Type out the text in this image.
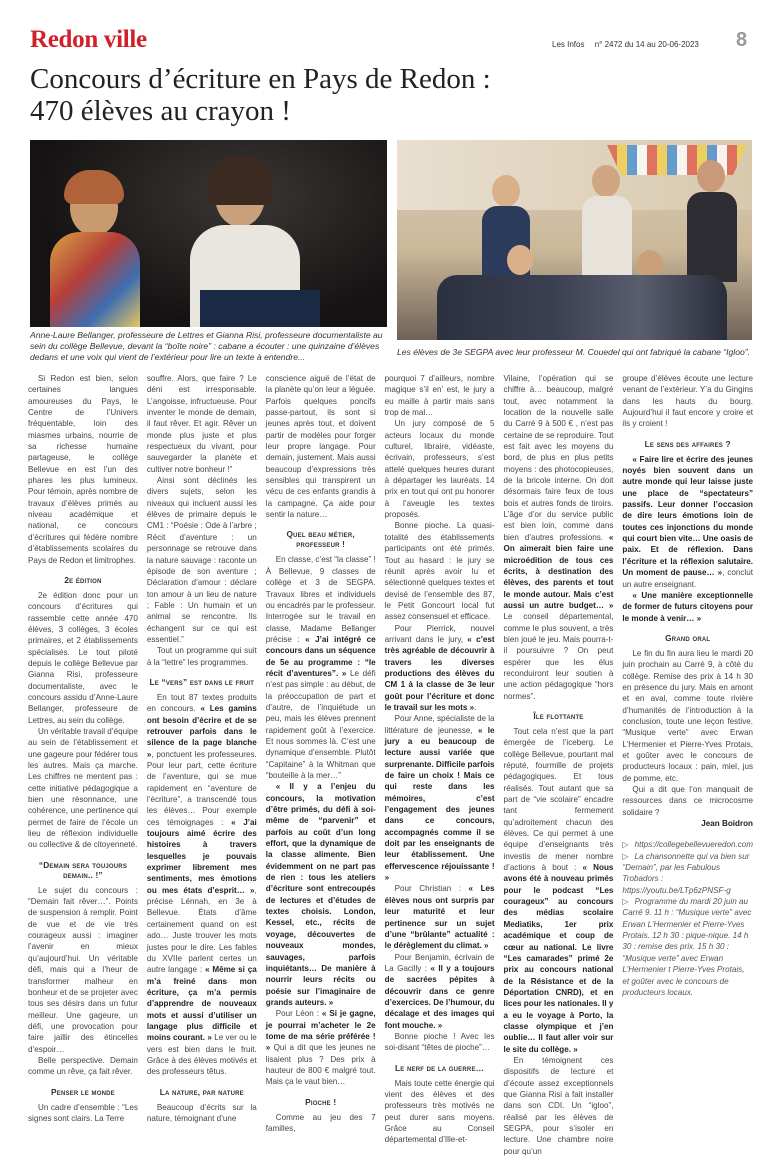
Redon ville	Les Infos n° 2472 du 14 au 20-06-2023	8
Concours d’écriture en Pays de Redon :
470 élèves au crayon !
Anne-Laure Bellanger, professeure de Lettres et Gianna Risi, professeure documentaliste au sein du collège Bellevue, devant la “boîte noire” : cabane a écouter : une quinzaine d’élèves dedans et une voix qui vient de l’extérieur pour lire un texte à entendre...	Les élèves de 3e SEGPA avec leur professeur M. Couedel qui ont fabriqué la cabane “Igloo”.

Si Redon est bien, selon certaines langues amoureuses du Pays, le Centre de l’Univers fréquentable, loin des miasmes urbains, nourrie de sa richesse humaine partageuse, le collège Bellevue en est l’un des phares les plus lumineux. Pour témoin, après nombre de travaux d’élèves primés au niveau académique et national, ce concours d’écritures qui fédère nombre d’établissements scolaires du Pays de Redon et limitrophes.

2e édition

2e édition donc pour un concours d’écritures qui rassemble cette année 470 élèves, 3 collèges, 3 écoles primaires, et 2 établissements spécialisés. Le tout piloté depuis le collège Bellevue par Gianna Risi, professeure documentaliste, avec le concours assidu d’Anne-Laure Bellanger, professeure de Lettres, au sein du collège.

Un véritable travail d’équipe au sein de l’établissement et une gageure pour fédérer tous les autres. Mais ça marche. Les chiffres ne mentent pas : cette initiative pédagogique a bien une résonnance, une cohérence, une pertinence qui permet de faire de l’école un lieu de réflexion individuelle ou collective & de citoyenneté.

“Demain sera toujours demain.. !”

Le sujet du concours : “Demain fait rêver…”. Points de suspension à remplir. Point de vue et de vie très courageux aussi : imaginer l’avenir en mieux qu’aujourd’hui. Un véritable défi, mais qui a l’heur de transformer malheur en bonheur et de se projeter avec tous ses désirs dans un futur meilleur. Une gageure, un défi, une provocation pour faire jaillir des étincelles d’espoir…

Belle perspective. Demain comme un rêve, ça fait rêver.

Penser le monde

Un cadre d’ensemble : “Les signes sont clairs. La Terre

souffre. Alors, que faire ? Le déni est irresponsable. L’angoisse, infructueuse. Pour inventer le monde de demain, il faut rêver. Et agir. Rêver un monde plus juste et plus respectueux du vivant, pour sauvegarder la planète et cultiver notre bonheur !”

Ainsi sont déclinés les divers sujets, selon les niveaux qui incluent aussi les élèves de primaire depuis le CM1 : “Poésie : Ode à l’arbre ; Récit d’aventure : un personnage se retrouve dans la nature sauvage : raconte un épisode de son aventure ; Déclaration d’amour : déclare ton amour à un lieu de nature ; Fable : Un humain et un animal se rencontre. Ils échangent sur ce qui est essentiel.”

Tout un programme qui suit à la “lettre” les programmes.

Le “vers” est dans le fruit

En tout 87 textes produits en concours. « Les gamins ont besoin d’écrire et de se retrouver parfois dans le silence de la page blanche », ponctuent les professeures. Pour leur part, cette écriture de l’aventure, qui se mue rapidement en “aventure de l’écriture”, a transcendé tous les élèves… Pour exemple ces témoignages : « J’ai toujours aimé écrire des histoires à travers lesquelles je pouvais exprimer librement mes sentiments, mes émotions ou mes états d’esprit… », précise Lénnah, en 3e à Bellevue. États d’âme certainement quand on est ado… Juste trouver les mots justes pour le dire. Les fables du XVIIe parlent certes un autre langage : « Même si ça m’a freiné dans mon écriture, ça m’a permis d’apprendre de nouveaux mots et aussi d’utiliser un langage plus difficile et moins courant. » Le ver ou le vers est bien dans le fruit. Grâce à des élèves motivés et des professeurs têtus.

La nature, par nature

Beaucoup d’écrits sur la nature, témoignant d’une

conscience aiguë de l’état de la planète qu’on leur a léguée. Parfois quelques poncifs passe-partout, ils sont si jeunes après tout, et doivent partir de modèles pour forger leur propre langage. Pour demain, justement. Mais aussi beaucoup d’expressions très sensibles qui transpirent un vécu de ces enfants grandis à la campagne. Ça aide pour sentir la nature…

Quel beau métier, professeur !

En classe, c’est “la classe” ! À Bellevue, 9 classes de collège et 3 de SEGPA. Travaux libres et individuels ou encadrés par le professeur. Interrogée sur le travail en classe, Madame Bellanger précise : « J’ai intégré ce concours dans un séquence de 5e au programme : “le récit d’aventures”. » Le défi n’est pas simple : au début, de la préoccupation de part et d’autre, de l’inquiétude un peu, mais les élèves prennent rapidement goût à l’exercice. Et nous sommes là. C’est une dynamique d’ensemble. Plutôt “Capitaine” à la Whitman que “bouteille à la mer…”

« Il y a l’enjeu du concours, la motivation d’être primés, du défi à soi-même de “parvenir” et parfois au coût d’un long effort, que la dynamique de la classe alimente. Bien évidemment on ne part pas de rien : tous les ateliers d’écriture sont entrecoupés de lectures et d’études de textes choisis. London, Kessel, etc., récits de voyage, découvertes de nouveaux mondes, sauvages, parfois inquiétants… De manière à nourrir leurs récits ou poésie sur l’imaginaire de grands auteurs. »

Pour Léon : « Si je gagne, je pourrai m’acheter le 2e tome de ma série préférée ! » Qui a dit que les jeunes ne lisaient plus ? Des prix à hauteur de 800 € malgré tout. Mais ça le vaut bien…

Pioche !

Comme au jeu des 7 familles,

pourquoi 7 d’ailleurs, nombre magique s’il en’ est, le jury a eu maille à partir mais sans trop de mal…

Un jury composé de 5 acteurs locaux du monde culturel, libraire, vidéaste, écrivain, professeurs, s’est attelé quelques heures durant à départager les lauréats. 14 prix en tout qui ont pu honorer à l’aveugle les textes proposés.

Bonne pioche. La quasi-totalité des établissements participants ont été primés. Tout au hasard : le jury se réunit après avoir lu et sélectionné quelques textes et devisé de l’ensemble des 87, le Petit Goncourt local fut assez consensuel et efficace.

Pour Pierrick, nouvel arrivant dans le jury, « c’est très agréable de découvrir à travers les diverses productions des élèves du CM 1 à la classe de 3e leur goût pour l’écriture et donc le travail sur les mots ».

Pour Anne, spécialiste de la littérature de jeunesse, « le jury a eu beaucoup de lecture aussi variée que surprenante. Difficile parfois de faire un choix ! Mais ce qui reste dans les mémoires, c’est l’engagement des jeunes dans ce concours, accompagnés comme il se doit par les enseignants de leur établissement. Une effervescence réjouissante ! »

Pour Christian : « Les élèves nous ont surpris par leur maturité et leur pertinence sur un sujet d’une “brûlante” actualité : le dérèglement du climat. »

Pour Benjamin, écrivain de La Gacilly : « Il y a toujours de sacrées pépites à découvrir dans ce genre d’exercices. De l’humour, du décalage et des images qui font mouche. »

Bonne pioche ! Avec les soi-disant “têtes de pioche”…

Le nerf de la guerre…

Mais toute cette énergie qui vient des élèves et des professeurs très motivés ne peut durer sans moyens. Grâce au Conseil départemental d’Ille-et-

Vilaine, l’opération qui se chiffre à… beaucoup, malgré tout, avec notamment la location de la nouvelle salle du Carré 9 à 500 € , n’est pas certaine de se reproduire. Tout est fait avec les moyens du bord, de plus en plus petits moyens : des photocopieuses, de la bricole interne. On doit désormais faire feux de tous bois et autres fonds de tiroirs. L’âge d’or du service public est bien loin, comme dans bien d’autres professions. « On aimerait bien faire une microédition de tous ces écrits, à destination des élèves, des parents et tout le monde autour. Mais c’est aussi un autre budget… » Le conseil départemental, comme le plus souvent, a très bien joué le jeu. Mais pourra-t-il poursuivre ? On peut espérer que les élus reconduiront leur soutien à une action pédagogique “hors normes”.

Île flottante

Tout cela n’est que la part émergée de l’iceberg. Le collège Bellevue, pourtant mal réputé, fourmille de projets pédagogiques. Et tous réalisés. Tout autant que sa part de “vie scolaire” encadre tant fermement qu’adroitement chacun des élèves. Ce qui permet à une équipe d’enseignants très investis de mener nombre d’actions à bout : « Nous avons été à nouveau primés pour le podcast “Les courageux” au concours des médias scolaire Mediatiks, 1er prix académique et coup de cœur au national. Le livre “Les camarades” primé 2e prix au concours national de la Résistance et de la Déportation CNRD), et en lices pour les nationales. Il y a eu le voyage à Porto, la classe olympique et j’en oublie… Il faut aller voir sur le site du collège. »

En témoignent ces dispositifs de lecture et d’écoute assez exceptionnels que Gianna Risi a fait installer dans son CDI. Un “igloo”, réalisé par les élèves de SEGPA, pour s’isoler en lecture. Une chambre noire pour qu’un

groupe d’élèves écoute une lecture venant de l’extérieur. Y’a du Gingins dans les hauts du bourg. Aujourd’hui il faut encore y croire et ils y croient !

Le sens des affaires ?

« Faire lire et écrire des jeunes noyés bien souvent dans un autre monde qui leur laisse juste une place de “spectateurs” passifs. Leur donner l’occasion de dire leurs émotions loin de toutes ces injonctions du monde qui court bien vite… Une oasis de paix. Et de réflexion. Dans l’écriture et la réflexion salutaire. Un moment de pause… », conclut un autre enseignant.

« Une manière exceptionnelle de former de futurs citoyens pour le monde à venir… »

Grand oral

Le fin du fin aura lieu le mardi 20 juin prochain au Carré 9, à côté du collège. Remise des prix à 14 h 30 en présence du jury. Mais en amont et en aval, comme toute rivière d’humanités de l’introduction à la conclusion, toute une leçon festive. “Musique verte” avec Erwan L’Hermenier et Pierre-Yves Protais, et goûter avec le concours de producteurs locaux : pain, miel, jus de pomme, etc.

Qui a dit que l’on manquait de ressources dans ce microcosme solidaire ?

Jean Boidron

▷ https://collegebellevueredon.com

▷ La chansonnette qui va bien sur “Demain”, par les Fabulous Trobadors : https://youtu.be/LTp6zPNSF-g

▷ Programme du mardi 20 juin au Carré 9. 11 h : “Musique verte” avec Erwan L’Hermenier et Pierre-Yves Protais. 12 h 30 : pique-nique. 14 h 30 : remise des prix. 15 h 30 : “Musique verte” avec Erwan L’Hermenier t Pierre-Yves Protais, et goûter avec le concours de producteurs locaux.
